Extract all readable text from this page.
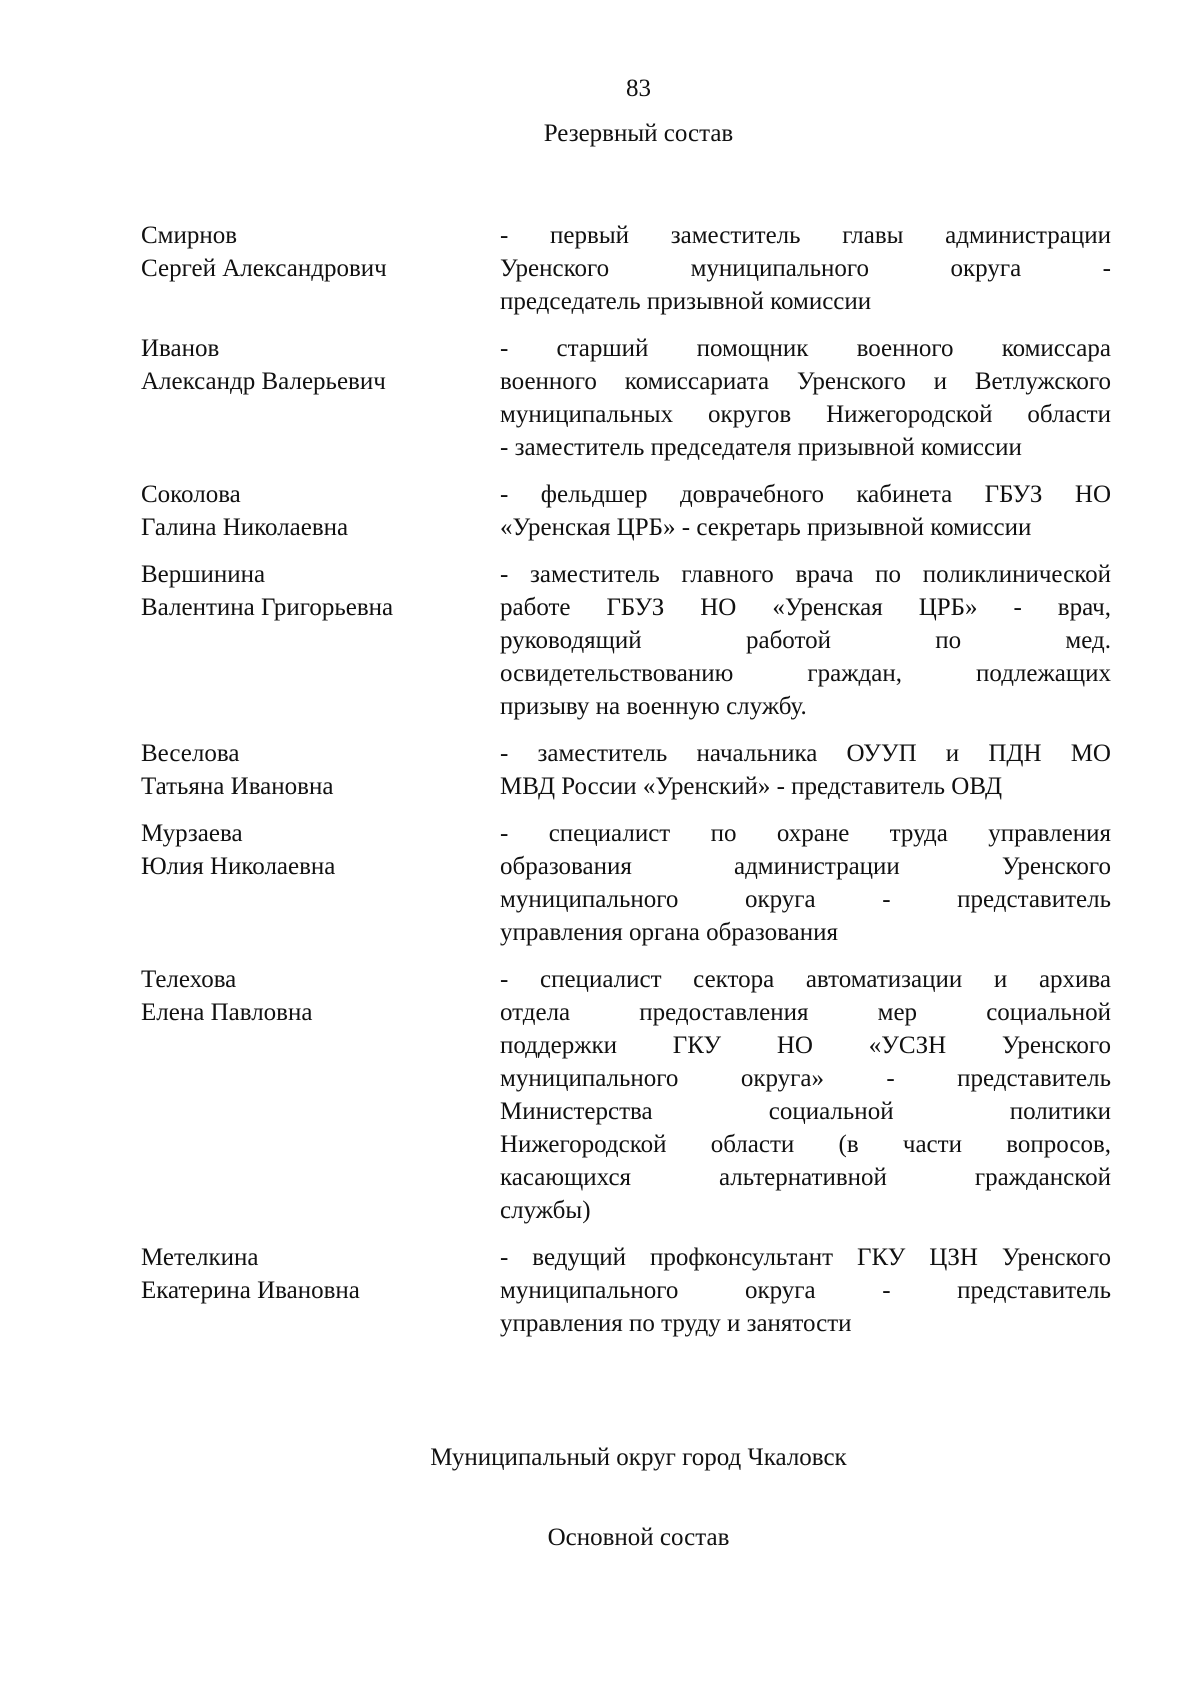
83
Резервный состав
Смирнов
Сергей Александрович
- первый заместитель главы администрации
Уренского муниципального округа -
председатель призывной комиссии
Иванов
Александр Валерьевич
- старший помощник военного комиссара
военного комиссариата Уренского и Ветлужского
муниципальных округов Нижегородской области
- заместитель председателя призывной комиссии
Соколова
Галина Николаевна
- фельдшер доврачебного кабинета ГБУЗ НО
«Уренская ЦРБ» - секретарь призывной комиссии
Вершинина
Валентина Григорьевна
- заместитель главного врача по поликлинической
работе ГБУЗ НО «Уренская ЦРБ» - врач,
руководящий работой по мед.
освидетельствованию граждан, подлежащих
призыву на военную службу.
Веселова
Татьяна Ивановна
- заместитель начальника ОУУП и ПДН МО
МВД России «Уренский» - представитель ОВД
Мурзаева
Юлия Николаевна
- специалист по охране труда управления
образования администрации Уренского
муниципального округа - представитель
управления органа образования
Телехова
Елена Павловна
- специалист сектора автоматизации и архива
отдела предоставления мер социальной
поддержки ГКУ НО «УСЗН Уренского
муниципального округа» - представитель
Министерства социальной политики
Нижегородской области (в части вопросов,
касающихся альтернативной гражданской
службы)
Метелкина
Екатерина Ивановна
- ведущий профконсультант ГКУ ЦЗН Уренского
муниципального округа - представитель
управления по труду и занятости
Муниципальный округ город Чкаловск
Основной состав
